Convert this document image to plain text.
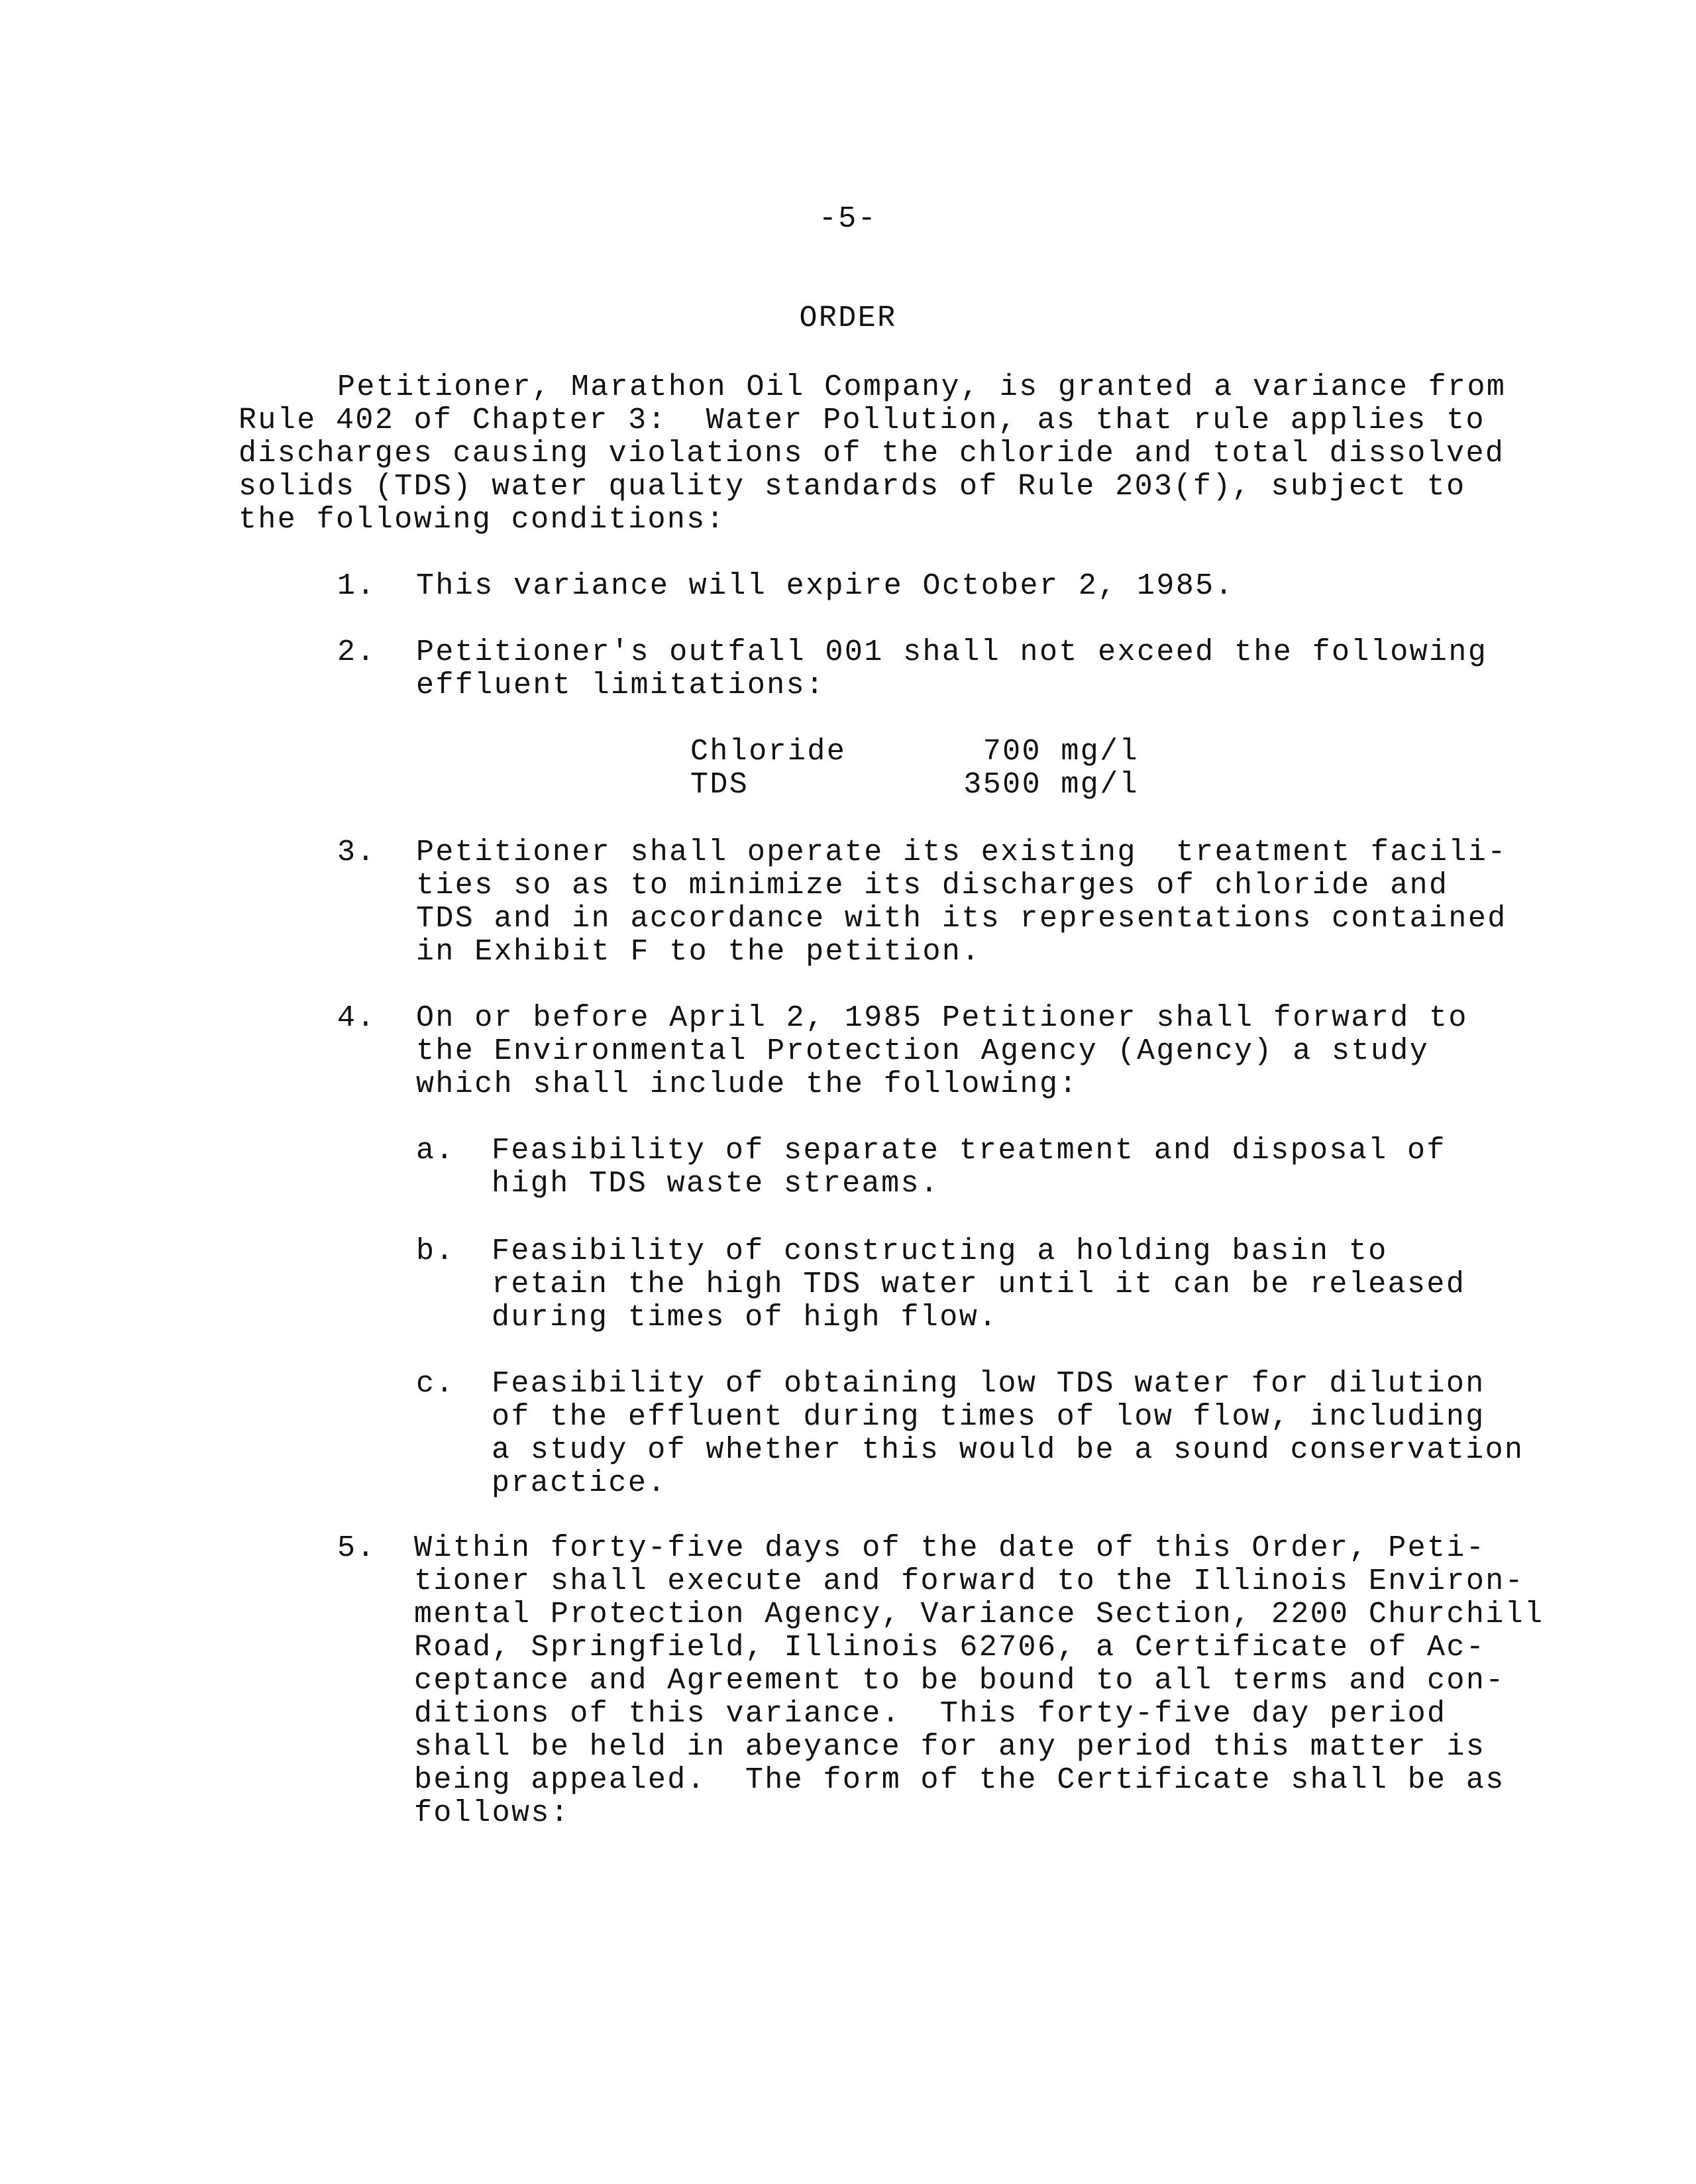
-5-
ORDER
Petitioner, Marathon Oil Company, is granted a variance from
Rule 402 of Chapter 3:  Water Pollution, as that rule applies to
discharges causing violations of the chloride and total dissolved
solids (TDS) water quality standards of Rule 203(f), subject to
the following conditions:
1. This variance will expire October 2, 1985.
2. Petitioner's outfall 001 shall not exceed the following
effluent limitations:
Chloride	700 mg/l
TDS	3500 mg/l
3. Petitioner shall operate its existing  treatment facili-
ties so as to minimize its discharges of chloride and
TDS and in accordance with its representations contained
in Exhibit F to the petition.
4. On or before April 2, 1985 Petitioner shall forward to
the Environmental Protection Agency (Agency) a study
which shall include the following:
a. Feasibility of separate treatment and disposal of
high TDS waste streams.
b. Feasibility of constructing a holding basin to
retain the high TDS water until it can be released
during times of high flow.
c. Feasibility of obtaining low TDS water for dilution
of the effluent during times of low flow, including
a study of whether this would be a sound conservation
practice.
5. Within forty-five days of the date of this Order, Peti-
tioner shall execute and forward to the Illinois Environ-
mental Protection Agency, Variance Section, 2200 Churchill
Road, Springfield, Illinois 62706, a Certificate of Ac-
ceptance and Agreement to be bound to all terms and con-
ditions of this variance.  This forty-five day period
shall be held in abeyance for any period this matter is
being appealed.  The form of the Certificate shall be as
follows:
